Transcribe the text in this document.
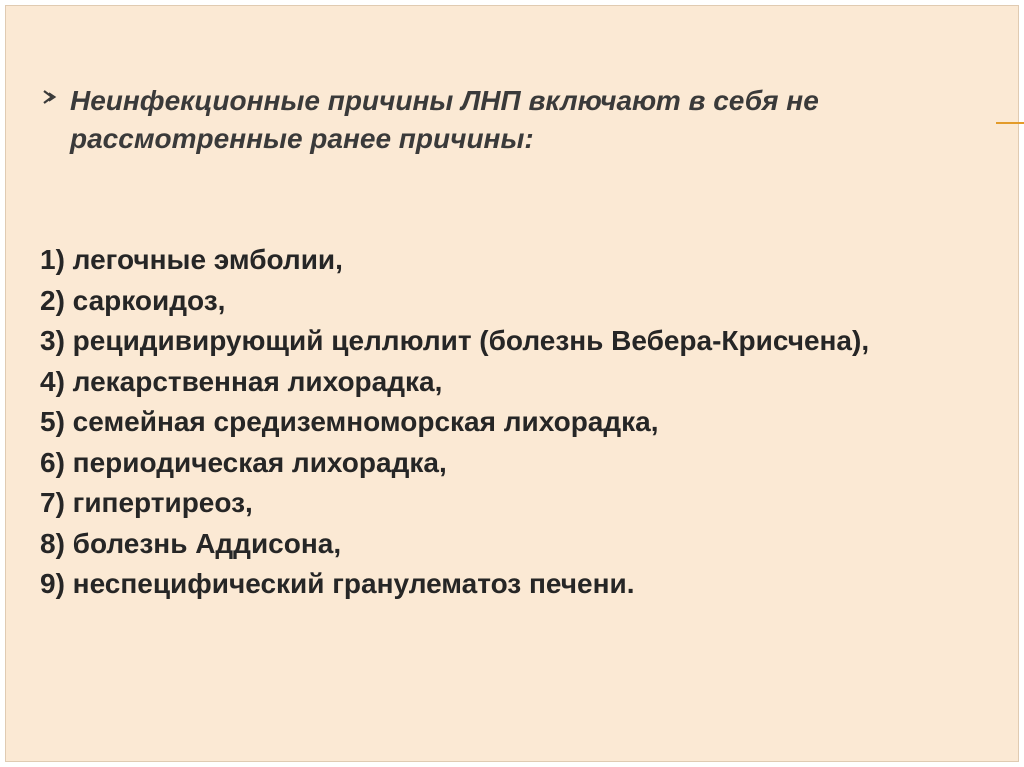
Неинфекционные причины ЛНП включают в себя не рассмотренные ранее причины:

1) легочные эмболии,
2) саркоидоз,
3) рецидивирующий целлюлит (болезнь Вебера-Крисчена),
4) лекарственная лихорадка,
5) семейная средиземноморская лихорадка,
6) периодическая лихорадка,
7) гипертиреоз,
8) болезнь Аддисона,
9) неспецифический гранулематоз печени.
